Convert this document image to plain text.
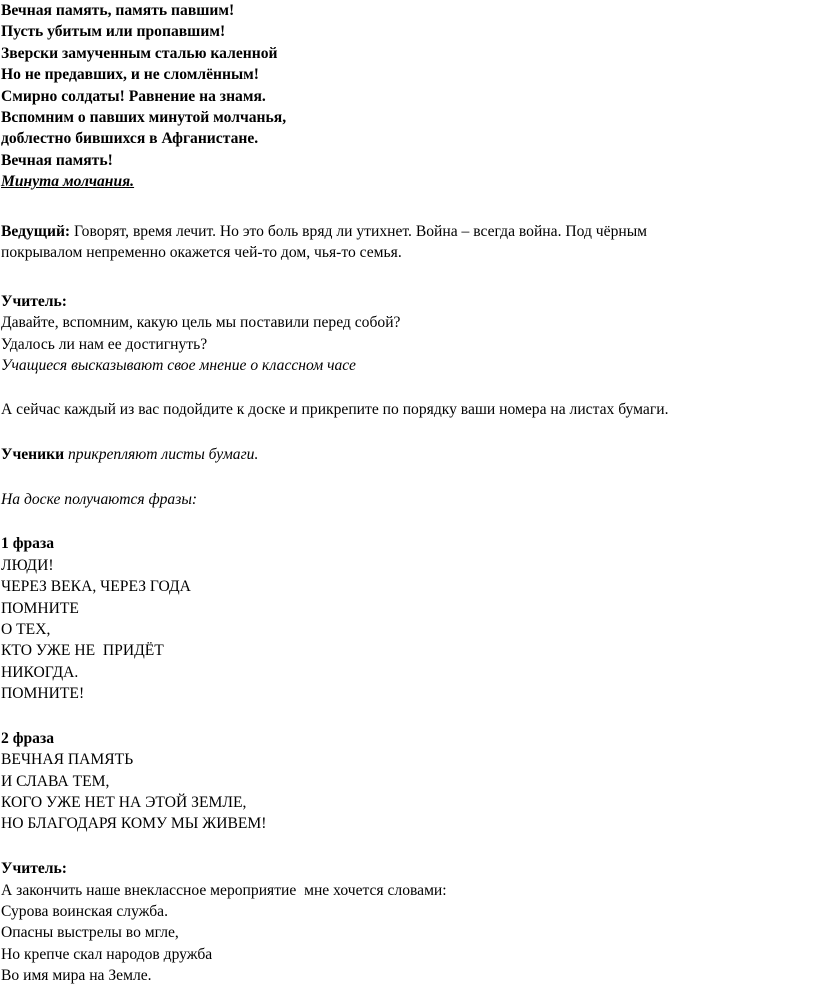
Вечная память, память павшим!
Пусть убитым или пропавшим!
Зверски замученным сталью каленной
Но не предавших, и не сломлённым!
Смирно солдаты! Равнение на знамя.
Вспомним о павших минутой молчанья,
доблестно бившихся в Афганистане.
Вечная память!
Минута молчания.
Ведущий: Говорят, время лечит. Но это боль вряд ли утихнет. Война – всегда война. Под чёрным
покрывалом непременно окажется чей-то дом, чья-то семья.
Учитель:
Давайте, вспомним, какую цель мы поставили перед собой?
Удалось ли нам ее достигнуть?
Учащиеся высказывают свое мнение о классном часе
А сейчас каждый из вас подойдите к доске и прикрепите по порядку ваши номера на листах бумаги.
Ученики прикрепляют листы бумаги.
На доске получаются фразы:
1 фраза
ЛЮДИ!
ЧЕРЕЗ ВЕКА, ЧЕРЕЗ ГОДА
ПОМНИТЕ
О ТЕХ,
КТО УЖЕ НЕ  ПРИДЁТ
НИКОГДА.
ПОМНИТЕ!
2 фраза
ВЕЧНАЯ ПАМЯТЬ
И СЛАВА ТЕМ,
КОГО УЖЕ НЕТ НА ЭТОЙ ЗЕМЛЕ,
НО БЛАГОДАРЯ КОМУ МЫ ЖИВЕМ!
Учитель:
А закончить наше внеклассное мероприятие  мне хочется словами:
Сурова воинская служба.
Опасны выстрелы во мгле,
Но крепче скал народов дружба
Во имя мира на Земле.
